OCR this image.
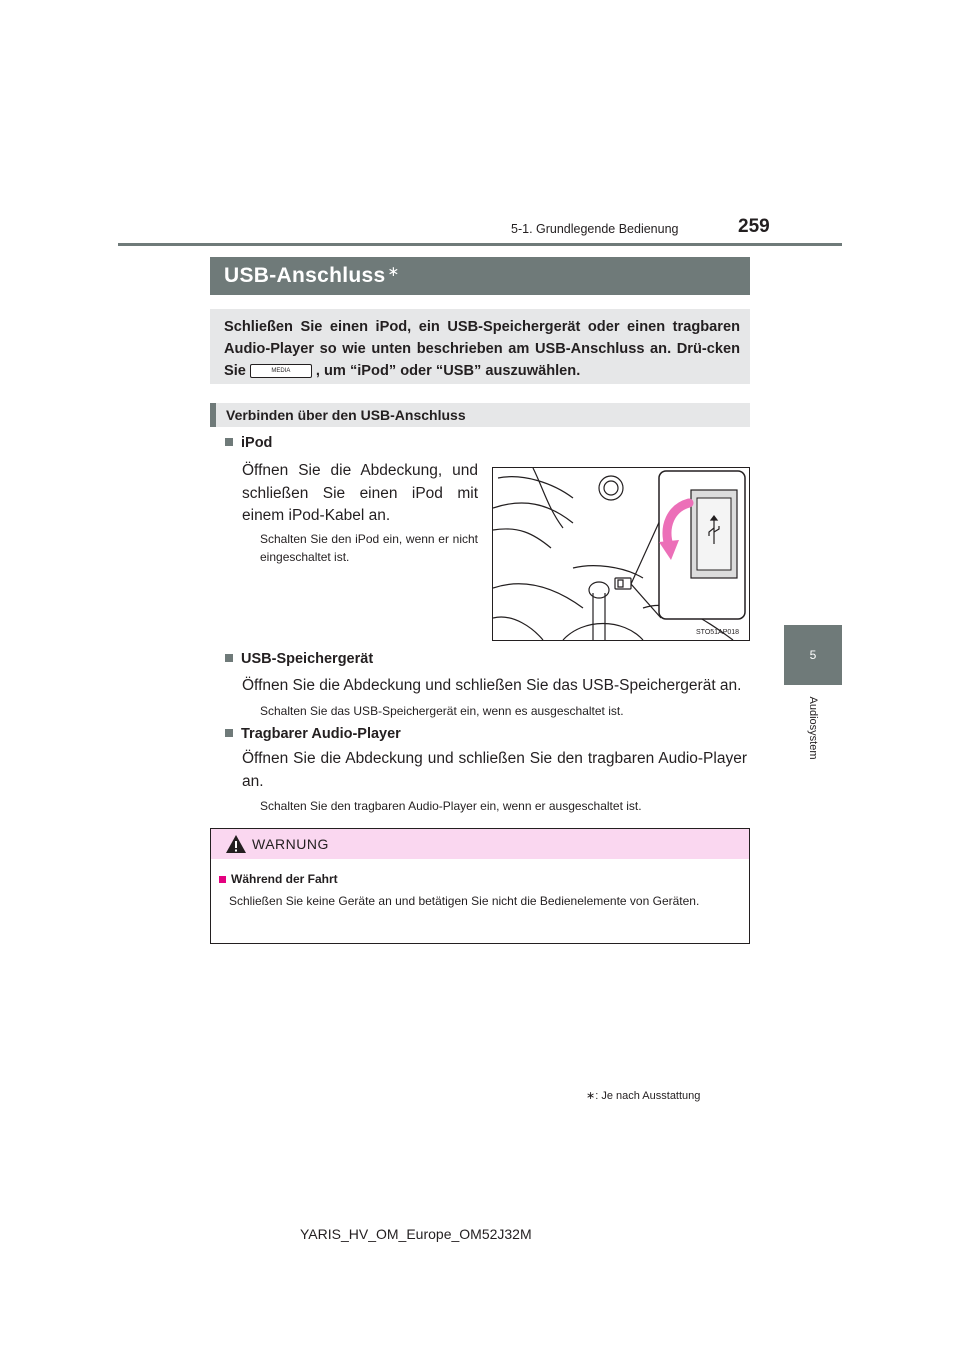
5-1. Grundlegende Bedienung	259
5
Audiosystem
USB-Anschluss∗
Schließen Sie einen iPod, ein USB-Speichergerät oder einen tragbaren Audio-Player so wie unten beschrieben am USB-Anschluss an. Drü-cken Sie	MEDIA , um “iPod” oder “USB” auszuwählen.
Verbinden über den USB-Anschluss
iPod
Öffnen Sie die Abdeckung, und schließen Sie einen iPod mit einem iPod-Kabel an.
Schalten Sie den iPod ein, wenn er nicht eingeschaltet ist.
STO51AP018
USB-Speichergerät
Öffnen Sie die Abdeckung und schließen Sie das USB-Speichergerät an.
Schalten Sie das USB-Speichergerät ein, wenn es ausgeschaltet ist.
Tragbarer Audio-Player
Öffnen Sie die Abdeckung und schließen Sie den tragbaren Audio-Player an.
Schalten Sie den tragbaren Audio-Player ein, wenn er ausgeschaltet ist.
WARNUNG
Während der Fahrt
Schließen Sie keine Geräte an und betätigen Sie nicht die Bedienelemente von Geräten.
∗: Je nach Ausstattung
YARIS_HV_OM_Europe_OM52J32M
